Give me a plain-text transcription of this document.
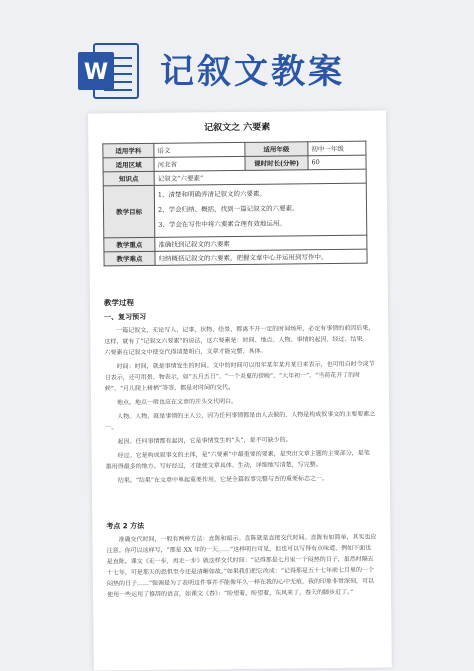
W 记叙文教案
记叙文之 六要素
适用学科	语文	适用年级	初中一年级
适用区域	河北省	课时时长(分钟)	60
知识点	记叙文“六要素”		
教学目标	1、清楚和明确弄清记叙文的六要素。

2、学会归纳、概括，找到一篇记叙文的六要素。

3、学会在写作中将六要素合理有效地运用。		

教学重点	准确找到记叙文的六要素		
教学难点	归纳概括记叙文的六要素，把握文章中心并运用到写作中。		
教学过程
一、复习预习

一篇记叙文，无论写人、记事、状物、绘景，都离不开一定的时间场所，必定有事情的前因后果，这样，就有了“记叙文六要素”的说法，这六要素是：时间、地点、人物、事情的起因、经过、结果。六要素在记叙文中使交代得清楚明白，文章才能完整、具体。

时间：时间，就是事情发生的时间。文中的时间可以用年某年某月某日来表示，也可用自时令或节日表示，还可用景、物表示，如“五月五日”、“一个炎夏的傍晚”、“大年初一”、“当荷花开了的时候”、“月儿爬上树梢”等等，都是对时间的交代。

地点。地点一般也应在文章的开头交代明白。

人物。人物，就是事情的主人公，因为任何事情都是由人去做的，人物是构成叙事文的主要要素之一。

起因。任何事情都有起因，它是事情发生的“头”，是不可缺少的。

经过。它是构成叙事文的主体，是“六要素”中最重要的要素，是突出文章主题的主要部分，是笔墨用得最多的地方。写好经过，才能使文章具体、生动，详细地写清楚，写完整。

结果。“结果”在文章中单起重要作用，它是全篇叙事完整与否的重要标志之一。

考点 2 方法

准确交代时间，一般有两种方法：直陈和暗示。直陈就是直接交代时间。直陈有如简单，其实也应注意。你可以这样写，“那是 XX 年的一天……”这样明白可见，但也可以写得有点味道，例如下面也是直陈。课文《走一步，再走一步》就这样交代时间：“记得那是七月里一个闷热的日子，虽然时隔五十七年，可是那天的恐惧至今还是清晰如故。”如果我们把它改成：“记得那是五十七年前七月里的一个闷热的日子……”强调是为了表明这件事并不能像年久一样在我的心中无痕，我的印象非常深刻，可以使用一些运用了修辞的语言，如课文《春》：“盼望着，盼望着，东风来了，春天的脚步近了。”
